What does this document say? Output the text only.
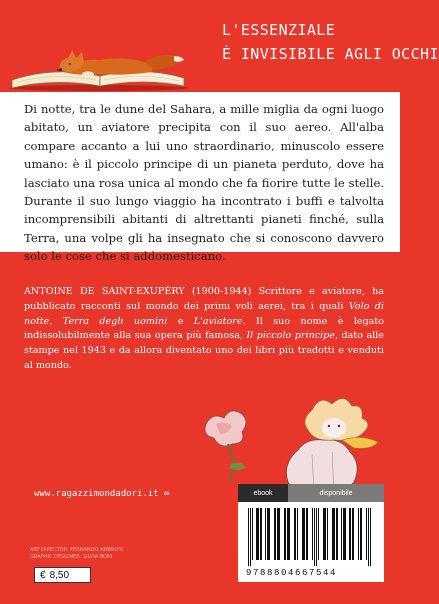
L'ESSENZIALE
È INVISIBILE AGLI OCCHI

Di notte, tra le dune del Sahara, a mille miglia da ogni luogo abitato, un aviatore precipita con il suo aereo. All'alba compare accanto a lui uno straordinario, minuscolo essere umano: è il piccolo principe di un pianeta perduto, dove ha lasciato una rosa unica al mondo che fa fiorire tutte le stelle. Durante il suo lungo viaggio ha incontrato i buffi e talvolta incomprensibili abitanti di altrettanti pianeti finché, sulla Terra, una volpe gli ha insegnato che si conoscono davvero solo le cose che si addomesticano.

ANTOINE DE SAINT-EXUPÉRY (1900-1944) Scrittore e aviatore, ha pubblicato racconti sul mondo dei primi voli aerei, tra i quali Volo di notte, Terra degli uomini e L'aviatore. Il suo nome è legato indissolubilmente alla sua opera più famosa, Il piccolo principe, dato alle stampe nel 1943 e da allora diventato uno dei libri più tradotti e venduti al mondo.

www.ragazzimondadori.it ∞
ART DIRECTOR: FERNANDO AMBROSI
GRAPHIC DESIGNER: SILVIA BONI
€ 8,50
ebook	disponibile
9788804667544
